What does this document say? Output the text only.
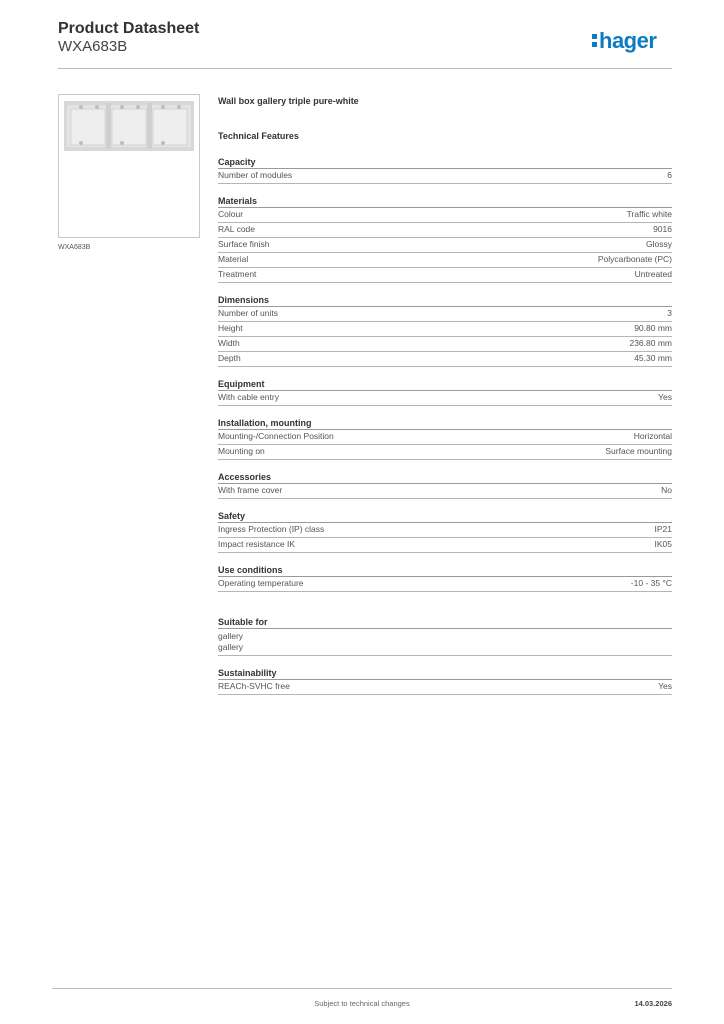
Product Datasheet
WXA683B	hager
WXA683B
Wall box gallery triple pure-white
Technical Features
Capacity
Number of modules	6
Materials
Colour	Traffic white
RAL code	9016
Surface finish	Glossy
Material	Polycarbonate (PC)
Treatment	Untreated
Dimensions
Number of units	3
Height	90.80 mm
Width	236.80 mm
Depth	45.30 mm
Equipment
With cable entry	Yes
Installation, mounting
Mounting-/Connection Position	Horizontal
Mounting on	Surface mounting
Accessories
With frame cover	No
Safety
Ingress Protection (IP) class	IP21
Impact resistance IK	IK05
Use conditions
Operating temperature	-10 - 35 °C
Suitable for
gallery
gallery
Sustainability
REACh-SVHC free	Yes
Subject to technical changes	14.03.2026
